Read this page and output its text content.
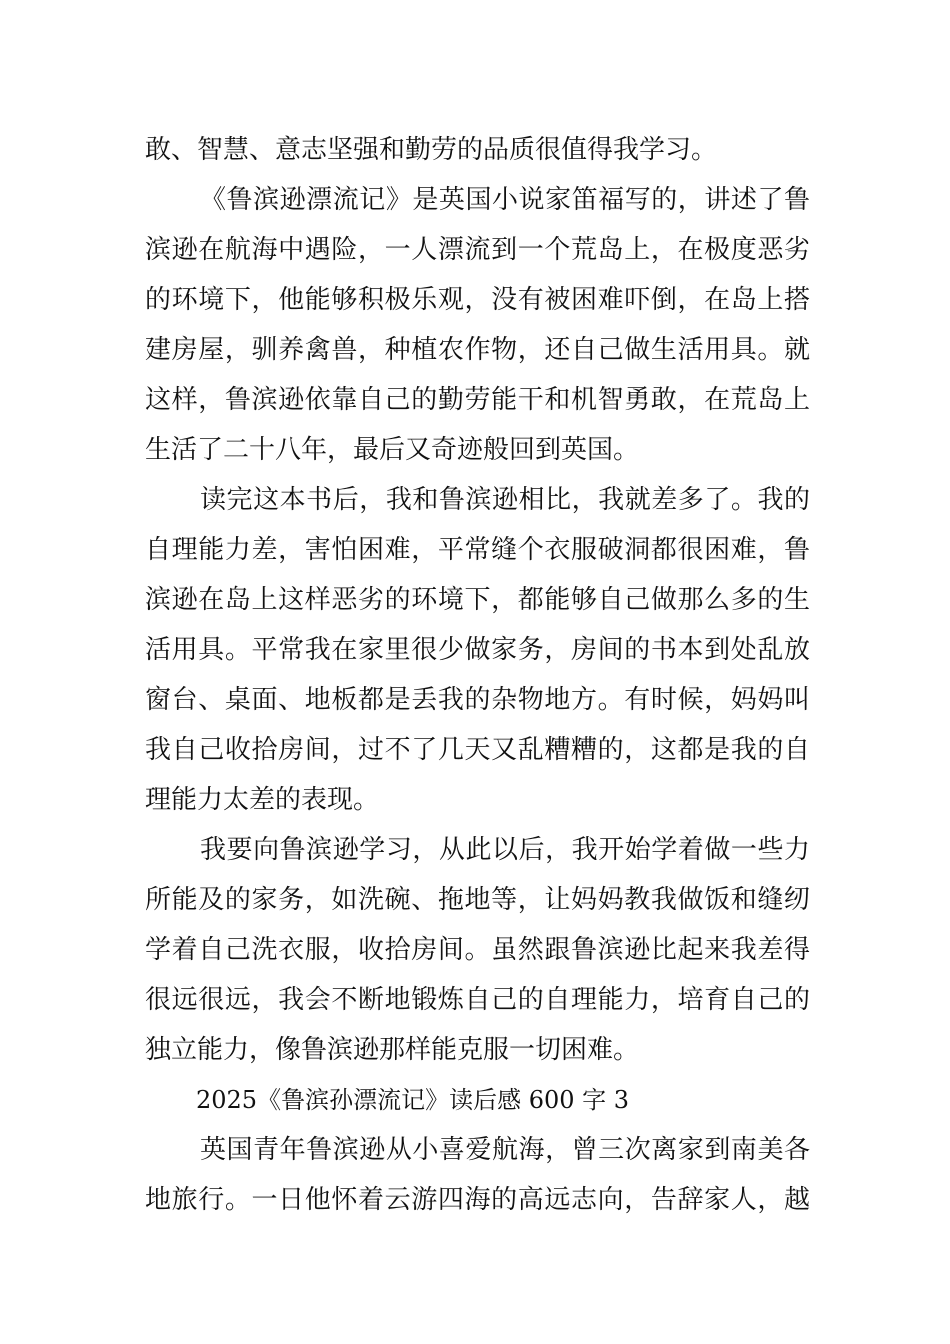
敢、智慧、意志坚强和勤劳的品质很值得我学习。
《鲁滨逊漂流记》是英国小说家笛福写的，讲述了鲁
滨逊在航海中遇险，一人漂流到一个荒岛上，在极度恶劣
的环境下，他能够积极乐观，没有被困难吓倒，在岛上搭
建房屋，驯养禽兽，种植农作物，还自己做生活用具。就
这样，鲁滨逊依靠自己的勤劳能干和机智勇敢，在荒岛上
生活了二十八年，最后又奇迹般回到英国。
读完这本书后，我和鲁滨逊相比，我就差多了。我的
自理能力差，害怕困难，平常缝个衣服破洞都很困难，鲁
滨逊在岛上这样恶劣的环境下，都能够自己做那么多的生
活用具。平常我在家里很少做家务，房间的书本到处乱放
窗台、桌面、地板都是丢我的杂物地方。有时候，妈妈叫
我自己收拾房间，过不了几天又乱糟糟的，这都是我的自
理能力太差的表现。
我要向鲁滨逊学习，从此以后，我开始学着做一些力
所能及的家务，如洗碗、拖地等，让妈妈教我做饭和缝纫
学着自己洗衣服，收拾房间。虽然跟鲁滨逊比起来我差得
很远很远，我会不断地锻炼自己的自理能力，培育自己的
独立能力，像鲁滨逊那样能克服一切困难。
2025《鲁滨孙漂流记》读后感 600 字 3
英国青年鲁滨逊从小喜爱航海，曾三次离家到南美各
地旅行。一日他怀着云游四海的高远志向，告辞家人，越
